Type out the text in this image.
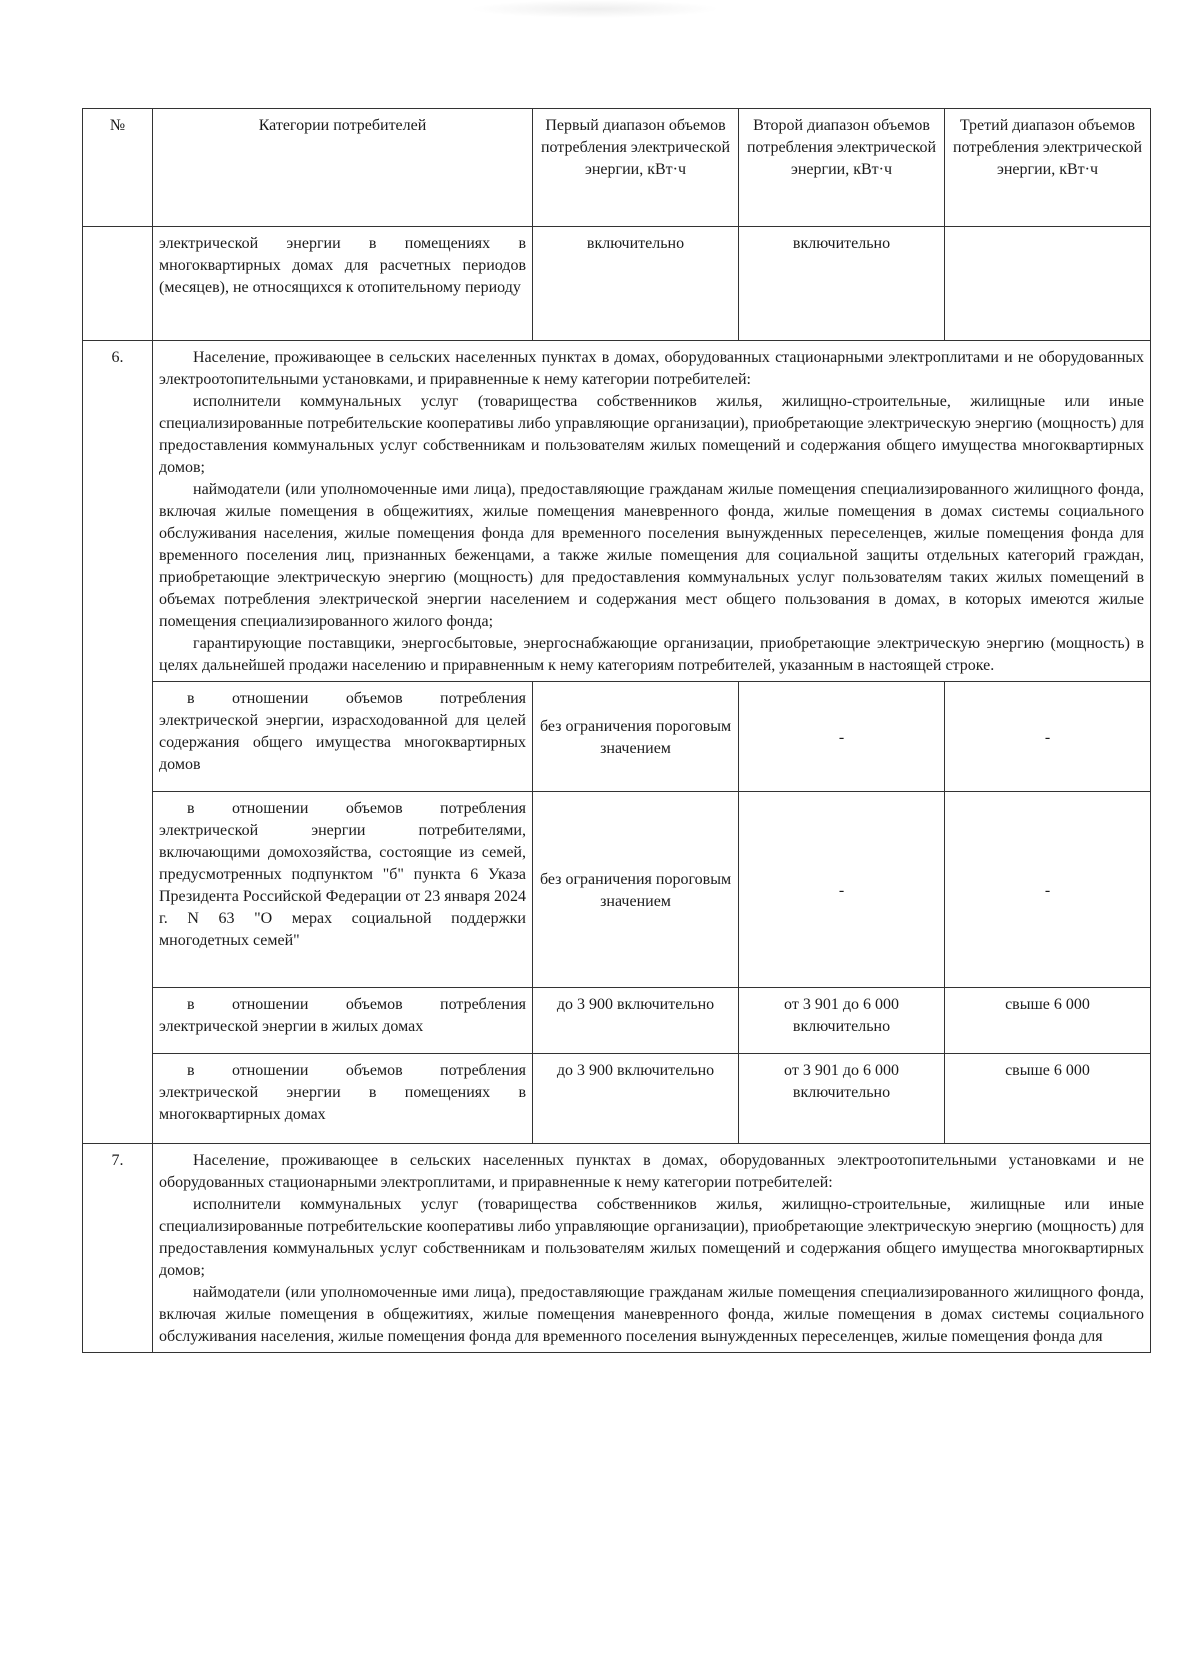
№	Категории потребителей	Первый диапазон объемов потребления электрической энергии, кВт·ч	Второй диапазон объемов потребления электрической энергии, кВт·ч	Третий диапазон объемов потребления электрической энергии, кВт·ч
	электрической энергии в помещениях в многоквартирных домах для расчетных периодов (месяцев), не относящихся к отопительному периоду	включительно	включительно	
6.	Население, проживающее в сельских населенных пунктах в домах, оборудованных стационарными электроплитами и не оборудованных электроотопительными установками, и приравненные к нему категории потребителей:

исполнители коммунальных услуг (товарищества собственников жилья, жилищно-строительные, жилищные или иные специализированные потребительские кооперативы либо управляющие организации), приобретающие электрическую энергию (мощность) для предоставления коммунальных услуг собственникам и пользователям жилых помещений и содержания общего имущества многоквартирных домов;

наймодатели (или уполномоченные ими лица), предоставляющие гражданам жилые помещения специализированного жилищного фонда, включая жилые помещения в общежитиях, жилые помещения маневренного фонда, жилые помещения в домах системы социального обслуживания населения, жилые помещения фонда для временного поселения вынужденных переселенцев, жилые помещения фонда для временного поселения лиц, признанных беженцами, а также жилые помещения для социальной защиты отдельных категорий граждан, приобретающие электрическую энергию (мощность) для предоставления коммунальных услуг пользователям таких жилых помещений в объемах потребления электрической энергии населением и содержания мест общего пользования в домах, в которых имеются жилые помещения специализированного жилого фонда;

гарантирующие поставщики, энергосбытовые, энергоснабжающие организации, приобретающие электрическую энергию (мощность) в целях дальнейшей продажи населению и приравненным к нему категориям потребителей, указанным в настоящей строке.			

	в отношении объемов потребления электрической энергии, израсходованной для целей содержания общего имущества многоквартирных домов	без ограничения пороговым значением	-	-
	в отношении объемов потребления электрической энергии потребителями, включающими домохозяйства, состоящие из семей, предусмотренных подпунктом "б" пункта 6 Указа Президента Российской Федерации от 23 января 2024 г. N 63 "О мерах социальной поддержки многодетных семей"	без ограничения пороговым значением	-	-
	в отношении объемов потребления электрической энергии в жилых домах	до 3 900 включительно	от 3 901 до 6 000 включительно	свыше 6 000
	в отношении объемов потребления электрической энергии в помещениях в многоквартирных домах	до 3 900 включительно	от 3 901 до 6 000 включительно	свыше 6 000
7.	Население, проживающее в сельских населенных пунктах в домах, оборудованных электроотопительными установками и не оборудованных стационарными электроплитами, и приравненные к нему категории потребителей:

исполнители коммунальных услуг (товарищества собственников жилья, жилищно-строительные, жилищные или иные специализированные потребительские кооперативы либо управляющие организации), приобретающие электрическую энергию (мощность) для предоставления коммунальных услуг собственникам и пользователям жилых помещений и содержания общего имущества многоквартирных домов;

наймодатели (или уполномоченные ими лица), предоставляющие гражданам жилые помещения специализированного жилищного фонда, включая жилые помещения в общежитиях, жилые помещения маневренного фонда, жилые помещения в домах системы социального обслуживания населения, жилые помещения фонда для временного поселения вынужденных переселенцев, жилые помещения фонда для			
